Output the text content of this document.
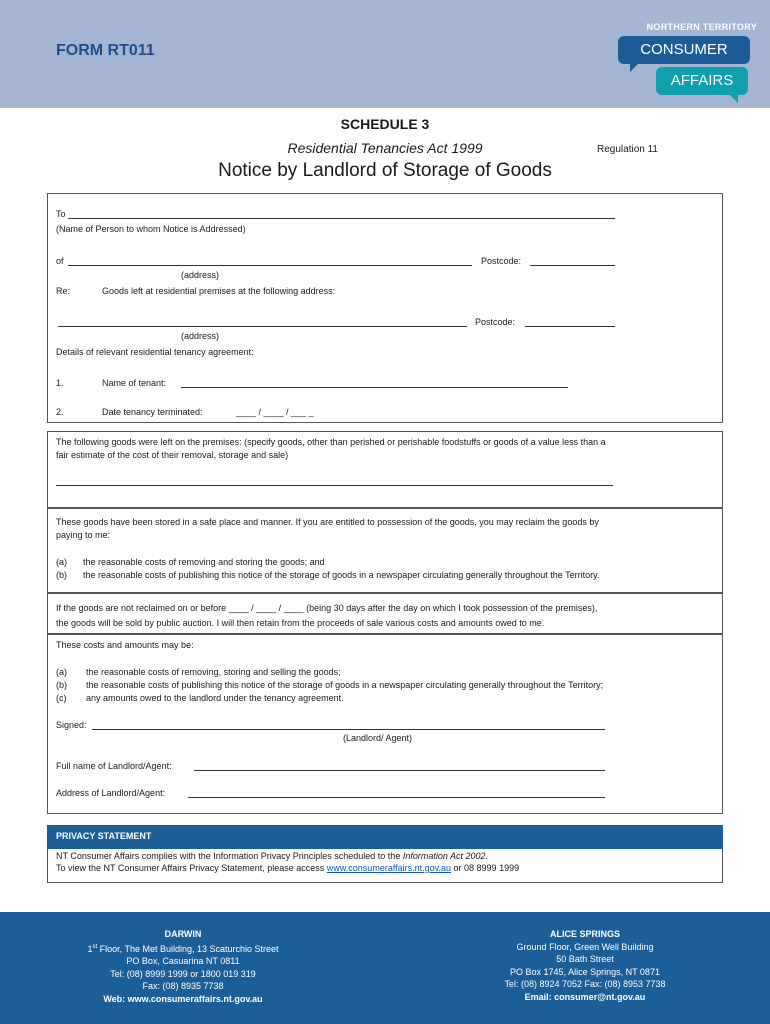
FORM RT011
NORTHERN TERRITORY
CONSUMER
AFFAIRS
SCHEDULE 3
Residential Tenancies Act 1999	Regulation 11
Notice by Landlord of Storage of Goods
To
(Name of Person to whom Notice is Addressed)
of	Postcode:
(address)
Re:	Goods left at residential premises at the following address:
Postcode:
(address)
Details of relevant residential tenancy agreement:
1.	Name of tenant:
2.	Date tenancy terminated:	____ / ____ / ___ _
The following goods were left on the premises: (specify goods, other than perished or perishable foodstuffs or goods of a value less than a
fair estimate of the cost of their removal, storage and sale)
These goods have been stored in a safe place and manner. If you are entitled to possession of the goods, you may reclaim the goods by
paying to me:
(a) the reasonable costs of removing and storing the goods; and
(b) the reasonable costs of publishing this notice of the storage of goods in a newspaper circulating generally throughout the Territory.
If the goods are not reclaimed on or before ____ / ____ / ____ (being 30 days after the day on which I took possession of the premises),
the goods will be sold by public auction. I will then retain from the proceeds of sale various costs and amounts owed to me.
These costs and amounts may be:
(a) the reasonable costs of removing, storing and selling the goods;
(b) the reasonable costs of publishing this notice of the storage of goods in a newspaper circulating generally throughout the Territory;
(c) any amounts owed to the landlord under the tenancy agreement.
Signed:
(Landlord/ Agent)
Full name of Landlord/Agent:
Address of Landlord/Agent:
PRIVACY STATEMENT
NT Consumer Affairs complies with the Information Privacy Principles scheduled to the Information Act 2002.
To view the NT Consumer Affairs Privacy Statement, please access www.consumeraffairs.nt.gov.au or 08 8999 1999
DARWIN
1st Floor, The Met Building, 13 Scaturchio Street
PO Box, Casuarina NT 0811
Tel: (08) 8999 1999 or 1800 019 319
Fax: (08) 8935 7738
Web: www.consumeraffairs.nt.gov.au
ALICE SPRINGS
Ground Floor, Green Well Building
50 Bath Street
PO Box 1745, Alice Springs, NT 0871
Tel: (08) 8924 7052 Fax: (08) 8953 7738
Email: consumer@nt.gov.au
